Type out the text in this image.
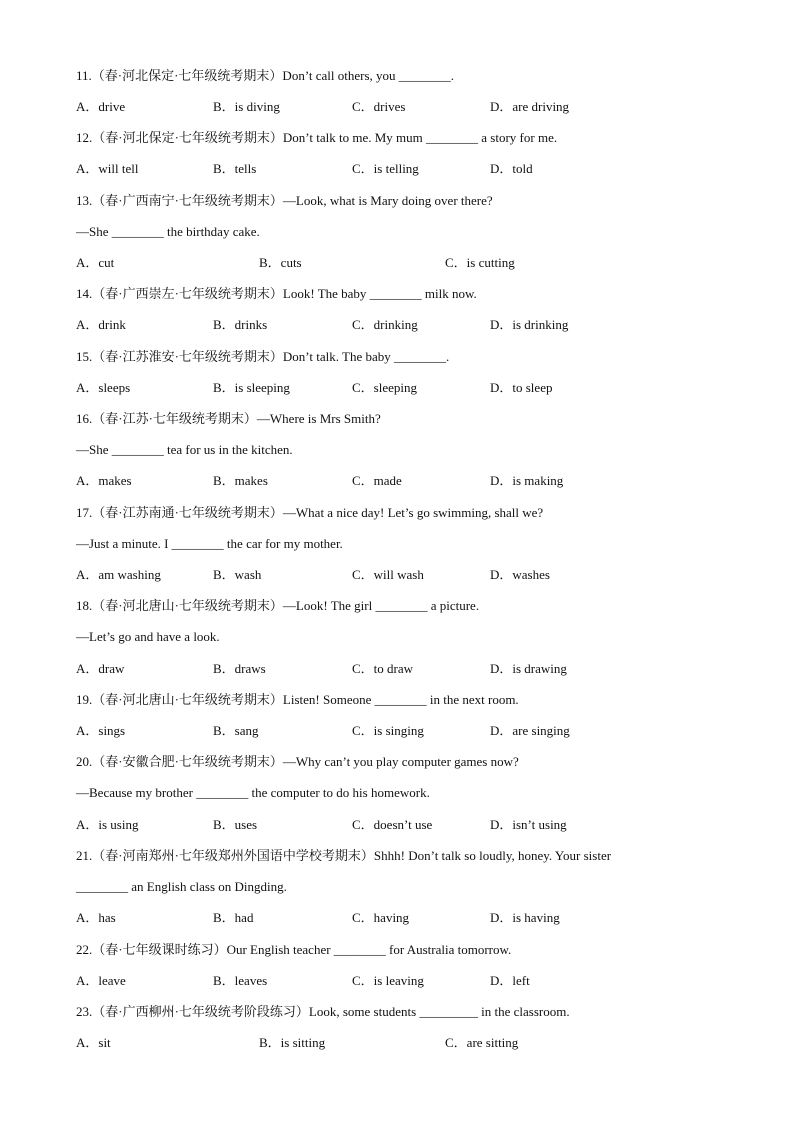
11.（春·河北保定·七年级统考期末）Don’t call others, you ________.
A．drive	B．is diving	C．drives	D．are driving
12.（春·河北保定·七年级统考期末）Don’t talk to me. My mum ________ a story for me.
A．will tell	B．tells	C．is telling	D．told
13.（春·广西南宁·七年级统考期末）—Look, what is Mary doing over there?
—She ________ the birthday cake.
A．cut	B．cuts	C．is cutting
14.（春·广西崇左·七年级统考期末）Look! The baby ________ milk now.
A．drink	B．drinks	C．drinking	D．is drinking
15.（春·江苏淮安·七年级统考期末）Don’t talk. The baby ________.
A．sleeps	B．is sleeping	C．sleeping	D．to sleep
16.（春·江苏·七年级统考期末）—Where is Mrs Smith?
—She ________ tea for us in the kitchen.
A．makes	B．makes	C．made	D．is making
17.（春·江苏南通·七年级统考期末）—What a nice day! Let’s go swimming, shall we?
—Just a minute. I ________ the car for my mother.
A．am washing	B．wash	C．will wash	D．washes
18.（春·河北唐山·七年级统考期末）—Look! The girl ________ a picture.
—Let’s go and have a look.
A．draw	B．draws	C．to draw	D．is drawing
19.（春·河北唐山·七年级统考期末）Listen! Someone ________ in the next room.
A．sings	B．sang	C．is singing	D．are singing
20.（春·安徽合肥·七年级统考期末）—Why can’t you play computer games now?
—Because my brother ________ the computer to do his homework.
A．is using	B．uses	C．doesn’t use	D．isn’t using
21.（春·河南郑州·七年级郑州外国语中学校考期末）Shhh! Don’t talk so loudly, honey. Your sister
________ an English class on Dingding.
A．has	B．had	C．having	D．is having
22.（春·七年级课时练习）Our English teacher ________ for Australia tomorrow.
A．leave	B．leaves	C．is leaving	D．left
23.（春·广西柳州·七年级统考阶段练习）Look, some students _________ in the classroom.
A．sit	B．is sitting	C．are sitting
